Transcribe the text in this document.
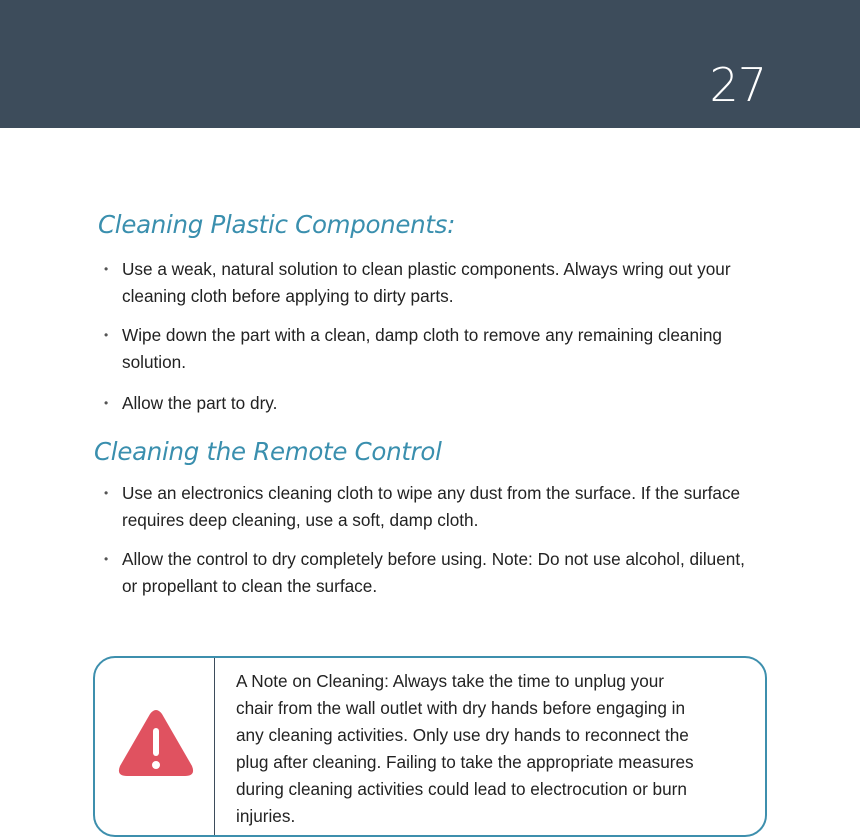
27
Cleaning Plastic Components:
• Use a weak, natural solution to clean plastic components. Always wring out your cleaning cloth before applying to dirty parts.
• Wipe down the part with a clean, damp cloth to remove any remaining cleaning solution.
• Allow the part to dry.
Cleaning the Remote Control
• Use an electronics cleaning cloth to wipe any dust from the surface. If the surface requires deep cleaning, use a soft, damp cloth.
• Allow the control to dry completely before using. Note: Do not use alcohol, diluent, or propellant to clean the surface.
A Note on Cleaning: Always take the time to unplug your chair from the wall outlet with dry hands before engaging in any cleaning activities. Only use dry hands to reconnect the plug after cleaning. Failing to take the appropriate measures during cleaning activities could lead to electrocution or burn injuries.
